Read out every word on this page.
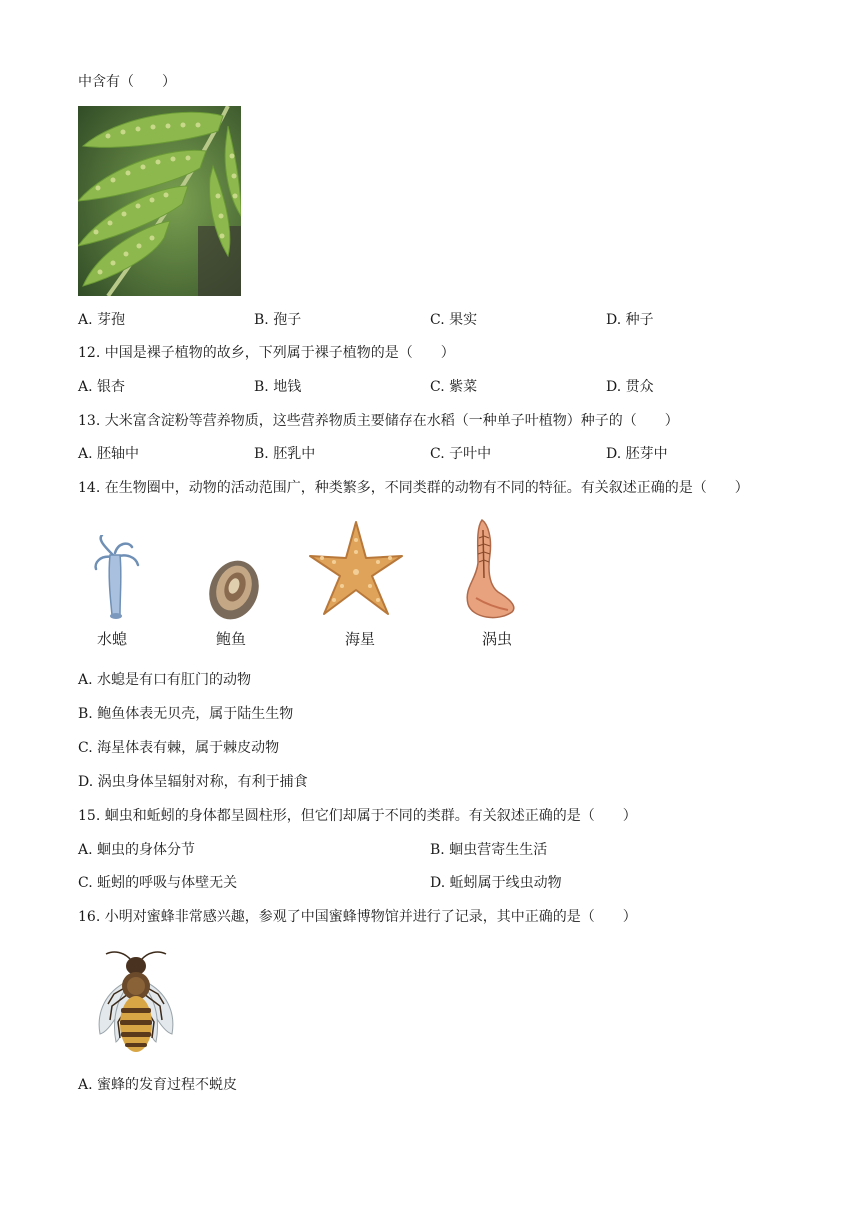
中含有（　　）
A. 芽孢	B. 孢子	C. 果实	D. 种子
12. 中国是裸子植物的故乡，下列属于裸子植物的是（　　）
A. 银杏	B. 地钱	C. 紫菜	D. 贯众
13. 大米富含淀粉等营养物质，这些营养物质主要储存在水稻（一种单子叶植物）种子的（　　）
A. 胚轴中	B. 胚乳中	C. 子叶中	D. 胚芽中
14. 在生物圈中，动物的活动范围广，种类繁多，不同类群的动物有不同的特征。有关叙述正确的是（　　）
水螅	鲍鱼	海星	涡虫
A. 水螅是有口有肛门的动物
B. 鲍鱼体表无贝壳，属于陆生生物
C. 海星体表有棘，属于棘皮动物
D. 涡虫身体呈辐射对称，有利于捕食
15. 蛔虫和蚯蚓的身体都呈圆柱形，但它们却属于不同的类群。有关叙述正确的是（　　）
A. 蛔虫的身体分节	B. 蛔虫营寄生生活
C. 蚯蚓的呼吸与体壁无关	D. 蚯蚓属于线虫动物
16. 小明对蜜蜂非常感兴趣，参观了中国蜜蜂博物馆并进行了记录，其中正确的是（　　）
A. 蜜蜂的发育过程不蜕皮
